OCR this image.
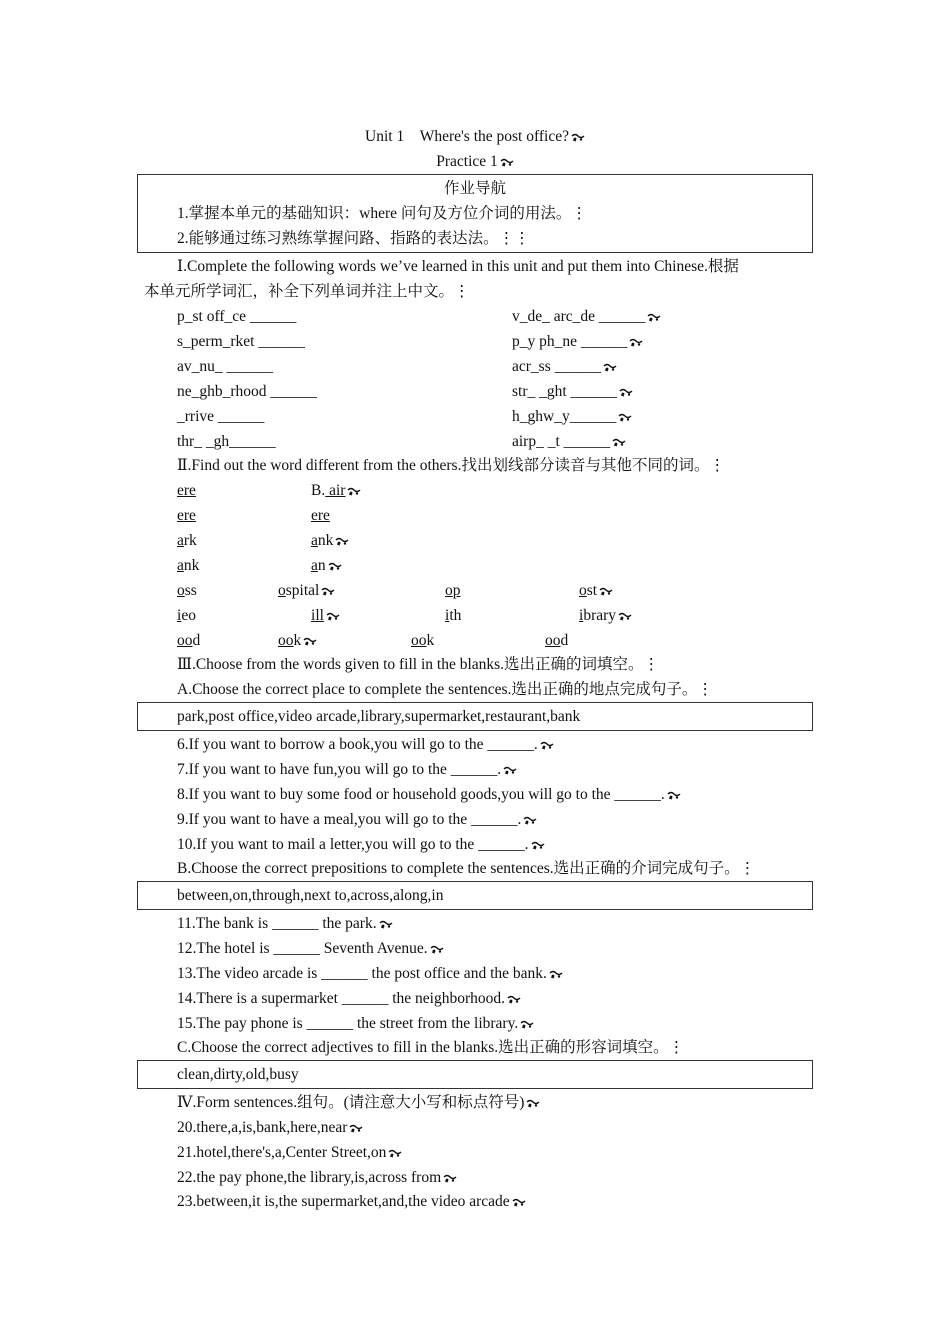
Unit 1　Where's the post office?
Practice 1
作业导航
1.掌握本单元的基础知识：where 问句及方位介词的用法。⋮
2.能够通过练习熟练掌握问路、指路的表达法。⋮⋮
Ⅰ.Complete the following words we’ve learned in this unit and put them into Chinese.根据
本单元所学词汇，补全下列单词并注上中文。⋮
p_st off_ce ______	v_de_ arc_de ______
s_perm_rket ______	p_y ph_ne ______
av_nu_ ______	acr_ss ______
ne_ghb_rhood ______	str_ _ght ______
_rrive ______	h_ghw_y______
thr_ _gh______	airp_ _t ______
Ⅱ.Find out the word different from the others.找出划线部分读音与其他不同的词。⋮
ere	B. air
ere	ere
ark	ank
ank	an
oss	ospital	op	ost
ieo	ill	ith	ibrary
ood	ook	ook	ood
Ⅲ.Choose from the words given to fill in the blanks.选出正确的词填空。⋮
A.Choose the correct place to complete the sentences.选出正确的地点完成句子。⋮
park,post office,video arcade,library,supermarket,restaurant,bank
6.If you want to borrow a book,you will go to the ______.
7.If you want to have fun,you will go to the ______.
8.If you want to buy some food or household goods,you will go to the ______.
9.If you want to have a meal,you will go to the ______.
10.If you want to mail a letter,you will go to the ______.
B.Choose the correct prepositions to complete the sentences.选出正确的介词完成句子。⋮
between,on,through,next to,across,along,in
11.The bank is ______ the park.
12.The hotel is ______ Seventh Avenue.
13.The video arcade is ______ the post office and the bank.
14.There is a supermarket ______ the neighborhood.
15.The pay phone is ______ the street from the library.
C.Choose the correct adjectives to fill in the blanks.选出正确的形容词填空。⋮
clean,dirty,old,busy
Ⅳ.Form sentences.组句。(请注意大小写和标点符号)
20.there,a,is,bank,here,near
21.hotel,there's,a,Center Street,on
22.the pay phone,the library,is,across from
23.between,it is,the supermarket,and,the video arcade
